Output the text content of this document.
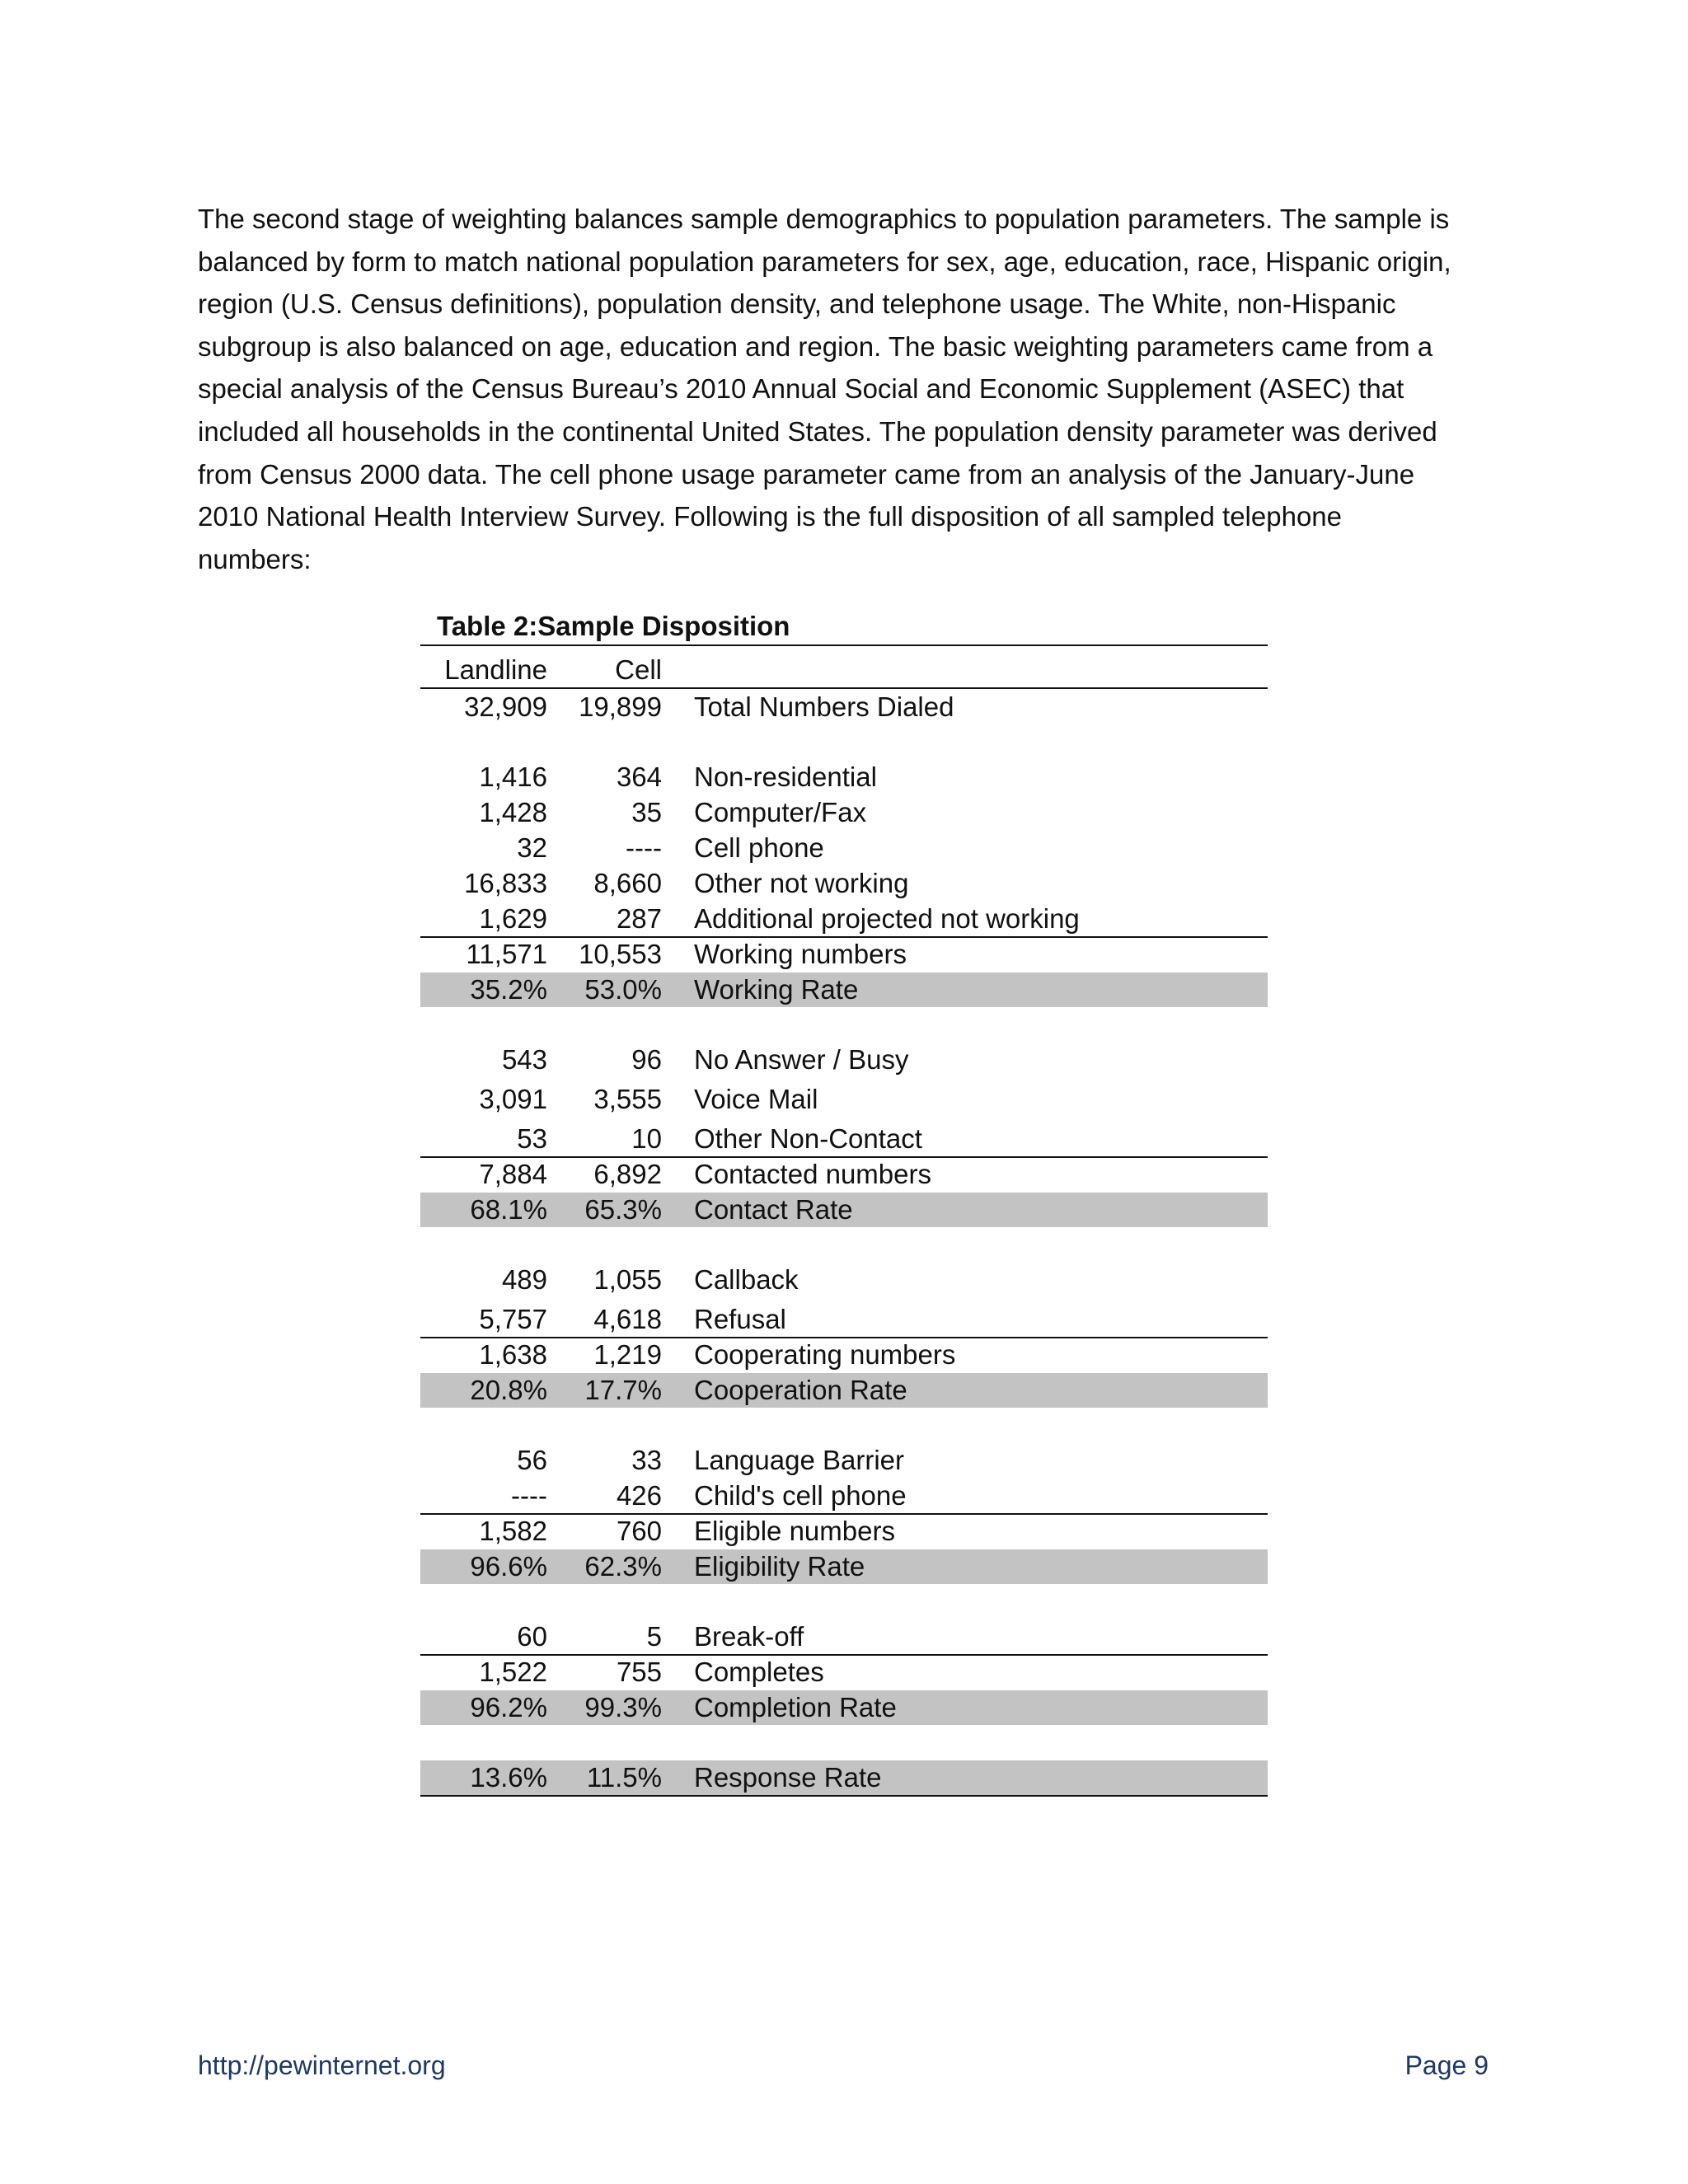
The second stage of weighting balances sample demographics to population parameters. The sample is
balanced by form to match national population parameters for sex, age, education, race, Hispanic origin,
region (U.S. Census definitions), population density, and telephone usage. The White, non-Hispanic
subgroup is also balanced on age, education and region. The basic weighting parameters came from a
special analysis of the Census Bureau’s 2010 Annual Social and Economic Supplement (ASEC) that
included all households in the continental United States. The population density parameter was derived
from Census 2000 data. The cell phone usage parameter came from an analysis of the January-June
2010 National Health Interview Survey. Following is the full disposition of all sampled telephone
numbers:
Table 2:Sample Disposition
Landline Cell
32,909 19,899 Total Numbers Dialed
1,416	364 Non-residential
1,428	35 Computer/Fax
32	---- Cell phone
16,833 8,660 Other not working
1,629	287 Additional projected not working
11,571 10,553 Working numbers
35.2% 53.0% Working Rate
543	96 No Answer / Busy
3,091 3,555 Voice Mail
53	10 Other Non-Contact
7,884 6,892 Contacted numbers
68.1% 65.3% Contact Rate
489 1,055 Callback
5,757 4,618 Refusal
1,638 1,219 Cooperating numbers
20.8% 17.7% Cooperation Rate
56	33 Language Barrier
----	426 Child's cell phone
1,582	760 Eligible numbers
96.6% 62.3% Eligibility Rate
60	5 Break-off
1,522	755 Completes
96.2% 99.3% Completion Rate
13.6% 11.5% Response Rate
http://pewinternet.org	Page 9
